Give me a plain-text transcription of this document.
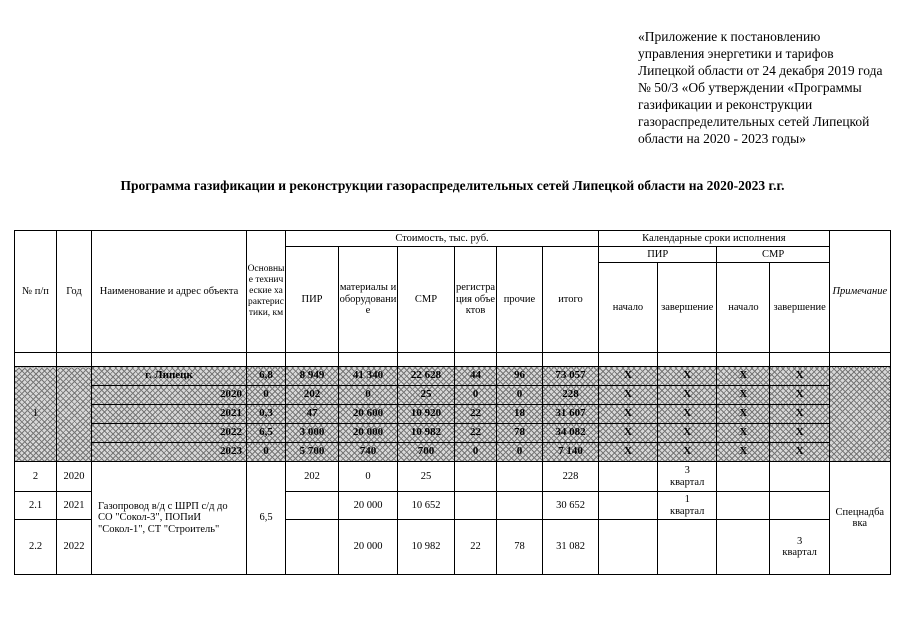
«Приложение к постановлению управления энергетики и тарифов Липецкой области от 24 декабря 2019 года № 50/3 «Об утверждении «Программы газификации и реконструкции газораспределительных сетей Липецкой области на 2020 - 2023 годы»
Программа газификации и реконструкции газораспределительных сетей Липецкой области на 2020-2023 г.г.
№ п/п	Год	Наименование и адрес объекта	Основные технические характеристики, км	Стоимость, тыс. руб.						Календарные сроки исполнения				Примечание
				ПИР	материалы и оборудование	СМР	регистрация объектов	прочие	итого	ПИР		СМР		
										начало	завершение	начало	завершение	

1		г. Липецк	6,8	8 949	41 340	22 628	44	96	73 057	X	X	X	X	
		2020	0	202	0	25	0	0	228	X	X	X	X	
		2021	0,3	47	20 600	10 920	22	18	31 607	X	X	X	X	
		2022	6,5	3 000	20 000	10 982	22	78	34 082	X	X	X	X	
		2023	0	5 700	740	700	0	0	7 140	X	X	X	X	
2	2020	Газопровод в/д с ШРП с/д до СО "Сокол-3", ПОПиИ "Сокол-1", СТ "Строитель"	6,5	202	0	25			228		3 квартал			Спецнадбавка
2.1	2021				20 000	10 652			30 652		1 квартал			
2.2	2022				20 000	10 982	22	78	31 082				3 квартал	
